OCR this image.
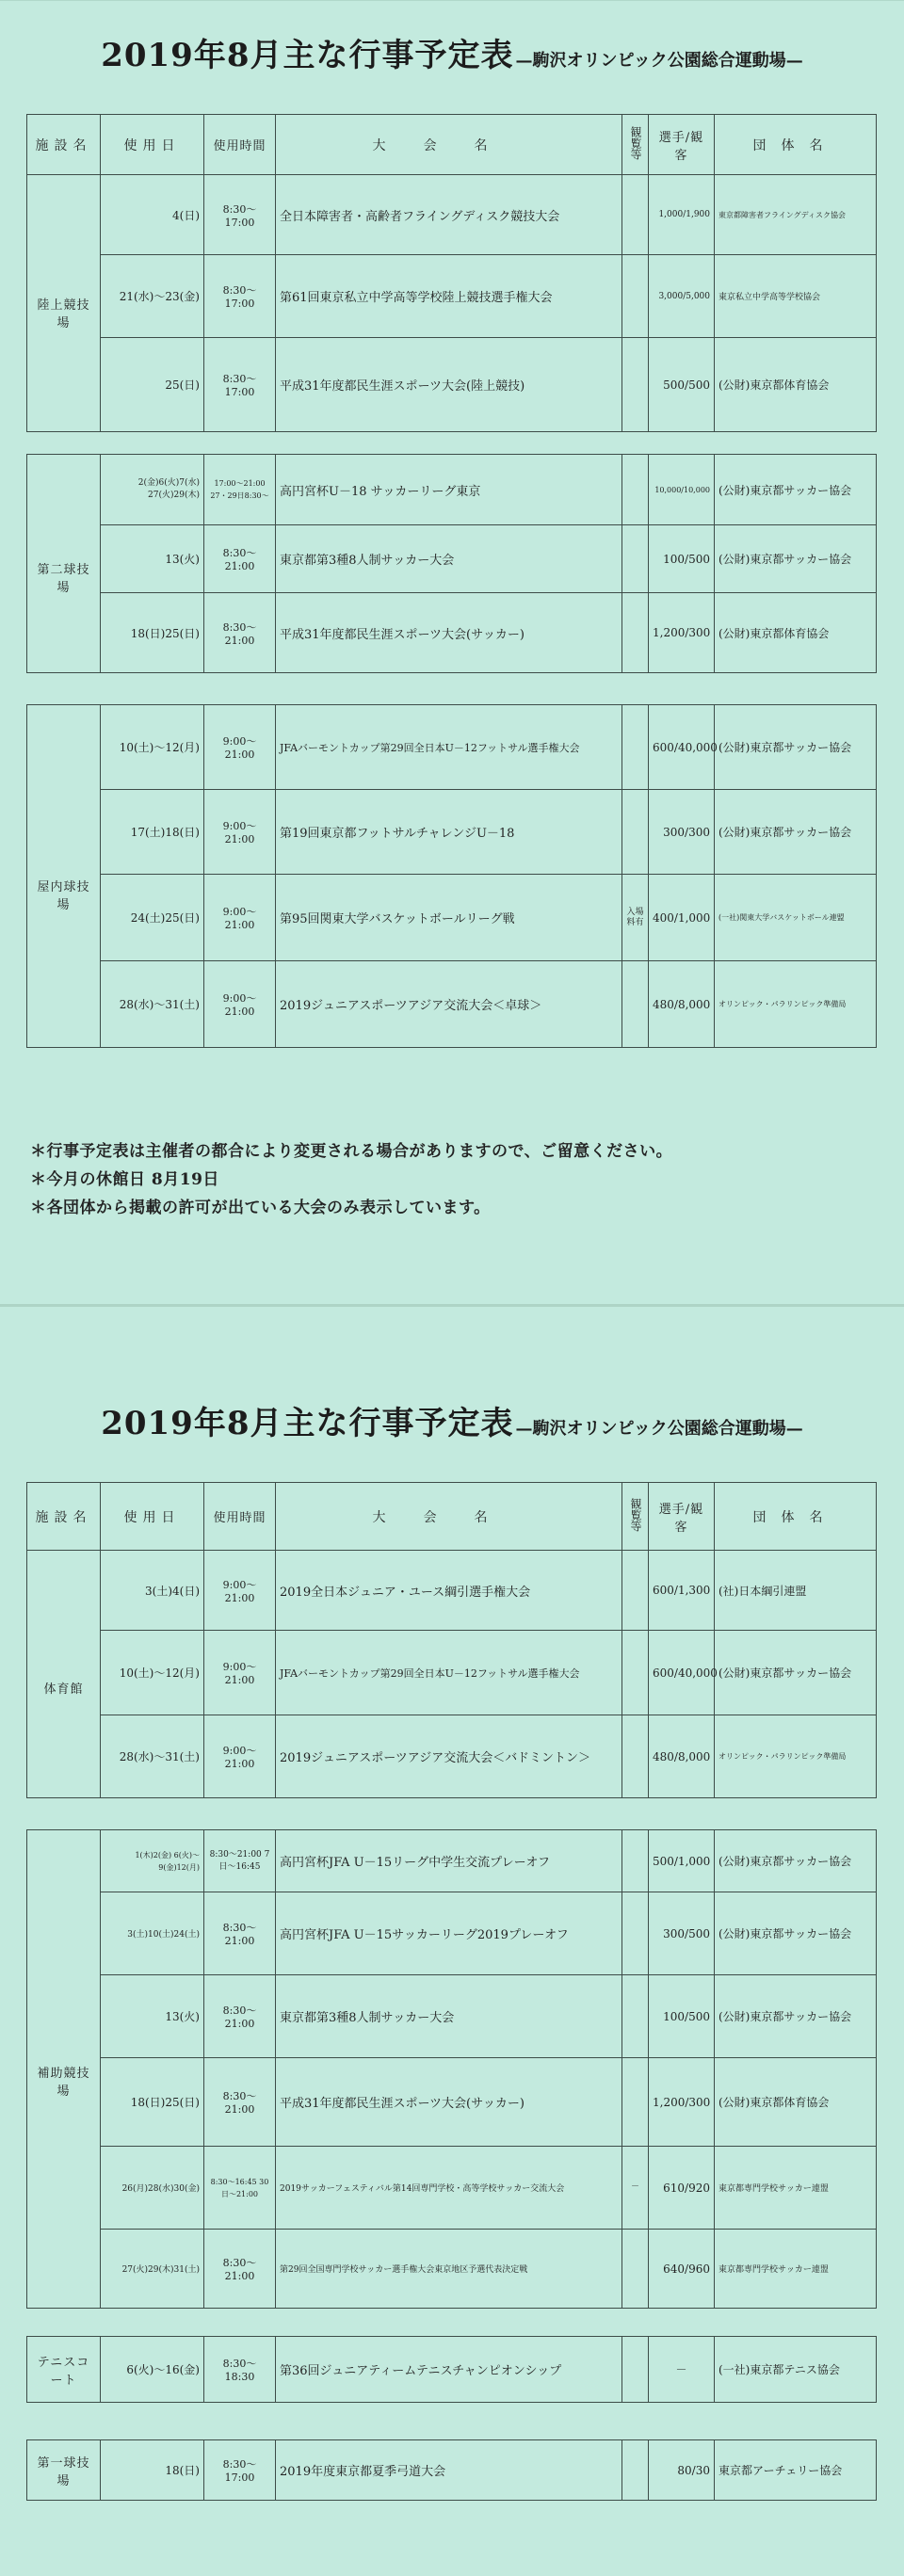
2019年8月主な行事予定表 —駒沢オリンピック公園総合運動場—
施設名	使用日	使用時間	大会名	観覧等	選手/観客	団体名

陸上競技場	4(日)	8:30〜17:00	全日本障害者・高齢者フライングディスク競技大会		1,000/1,900	東京都障害者フライングディスク協会
	21(水)〜23(金)	8:30〜17:00	第61回東京私立中学高等学校陸上競技選手権大会		3,000/5,000	東京私立中学高等学校協会
	25(日)	8:30〜17:00	平成31年度都民生涯スポーツ大会(陸上競技)		500/500	(公財)東京都体育協会

第二球技場	2(金)6(火)7(水) 27(火)29(木)	17:00〜21:00 27・29日8:30〜	高円宮杯U－18 サッカーリーグ東京		10,000/10,000	(公財)東京都サッカー協会
	13(火)	8:30〜21:00	東京都第3種8人制サッカー大会		100/500	(公財)東京都サッカー協会
	18(日)25(日)	8:30〜21:00	平成31年度都民生涯スポーツ大会(サッカー)		1,200/300	(公財)東京都体育協会

屋内球技場	10(土)〜12(月)	9:00〜21:00	JFAバーモントカップ第29回全日本U－12フットサル選手権大会		600/40,000	(公財)東京都サッカー協会
	17(土)18(日)	9:00〜21:00	第19回東京都フットサルチャレンジU－18		300/300	(公財)東京都サッカー協会
	24(土)25(日)	9:00〜21:00	第95回関東大学バスケットボールリーグ戦	入場料有	400/1,000	(一社)関東大学バスケットボール連盟
	28(水)〜31(土)	9:00〜21:00	2019ジュニアスポーツアジア交流大会＜卓球＞		480/8,000	オリンピック・パラリンピック準備局
＊行事予定表は主催者の都合により変更される場合がありますので、ご留意ください。
＊今月の休館日 8月19日
＊各団体から掲載の許可が出ている大会のみ表示しています。
2019年8月主な行事予定表 —駒沢オリンピック公園総合運動場—
施設名	使用日	使用時間	大会名	観覧等	選手/観客	団体名

体育館	3(土)4(日)	9:00〜21:00	2019全日本ジュニア・ユース綱引選手権大会		600/1,300	(社)日本綱引連盟
	10(土)〜12(月)	9:00〜21:00	JFAバーモントカップ第29回全日本U－12フットサル選手権大会		600/40,000	(公財)東京都サッカー協会
	28(水)〜31(土)	9:00〜21:00	2019ジュニアスポーツアジア交流大会＜バドミントン＞		480/8,000	オリンピック・パラリンピック準備局

補助競技場	1(木)2(金) 6(火)〜9(金)12(月)	8:30〜21:00 7日〜16:45	高円宮杯JFA U－15リーグ中学生交流プレーオフ		500/1,000	(公財)東京都サッカー協会
	3(土)10(土)24(土)	8:30〜21:00	高円宮杯JFA U－15サッカーリーグ2019プレーオフ		300/500	(公財)東京都サッカー協会
	13(火)	8:30〜21:00	東京都第3種8人制サッカー大会		100/500	(公財)東京都サッカー協会
	18(日)25(日)	8:30〜21:00	平成31年度都民生涯スポーツ大会(サッカー)		1,200/300	(公財)東京都体育協会
	26(月)28(水)30(金)	8:30〜16:45 30日〜21:00	2019サッカーフェスティバル第14回専門学校・高等学校サッカー交流大会	－	610/920	東京都専門学校サッカー連盟
	27(火)29(木)31(土)	8:30〜21:00	第29回全国専門学校サッカー選手権大会東京地区予選代表決定戦		640/960	東京都専門学校サッカー連盟

テニスコート	6(火)〜16(金)	8:30〜18:30	第36回ジュニアティームテニスチャンピオンシップ		－	(一社)東京都テニス協会

第一球技場	18(日)	8:30〜17:00	2019年度東京都夏季弓道大会		80/30	東京都アーチェリー協会
